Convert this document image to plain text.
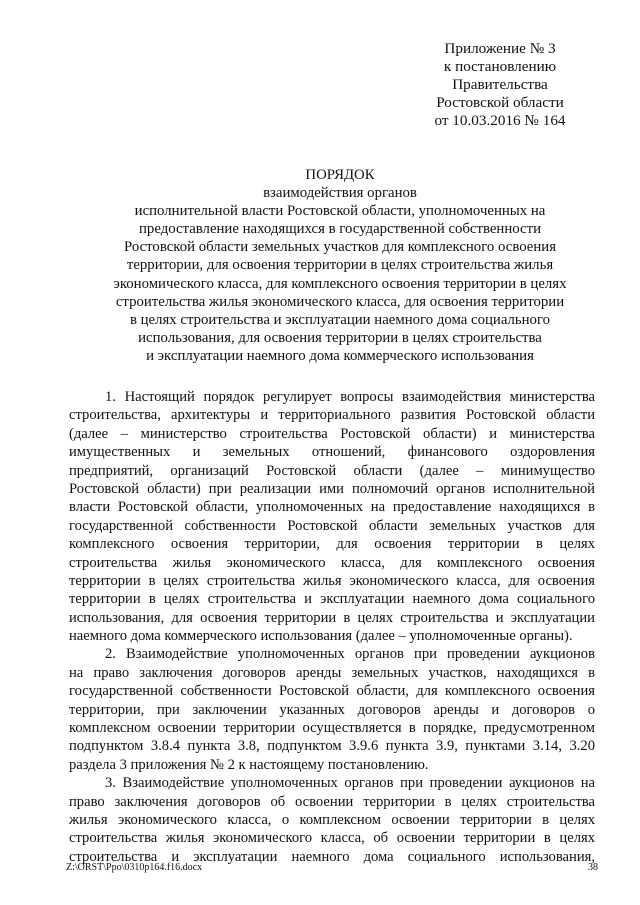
Приложение № 3
к постановлению
Правительства
Ростовской области
от 10.03.2016 № 164
ПОРЯДОК
взаимодействия органов
исполнительной власти Ростовской области, уполномоченных на
предоставление находящихся в государственной собственности
Ростовской области земельных участков для комплексного освоения
территории, для освоения территории в целях строительства жилья
экономического класса, для комплексного освоения территории в целях
строительства жилья экономического класса, для освоения территории
в целях строительства и эксплуатации наемного дома социального
использования, для освоения территории в целях строительства
и эксплуатации наемного дома коммерческого использования
1. Настоящий порядок регулирует вопросы взаимодействия министерства
строительства, архитектуры и территориального развития Ростовской области
(далее – министерство строительства Ростовской области) и министерства
имущественных и земельных отношений, финансового оздоровления
предприятий, организаций Ростовской области (далее – минимущество
Ростовской области) при реализации ими полномочий органов исполнительной
власти Ростовской области, уполномоченных на предоставление находящихся в
государственной собственности Ростовской области земельных участков для
комплексного освоения территории, для освоения территории в целях
строительства жилья экономического класса, для комплексного освоения
территории в целях строительства жилья экономического класса, для освоения
территории в целях строительства и эксплуатации наемного дома социального
использования, для освоения территории в целях строительства и эксплуатации
наемного дома коммерческого использования (далее – уполномоченные органы).
2. Взаимодействие уполномоченных органов при проведении аукционов
на право заключения договоров аренды земельных участков, находящихся в
государственной собственности Ростовской области, для комплексного освоения
территории, при заключении указанных договоров аренды и договоров о
комплексном освоении территории осуществляется в порядке, предусмотренном
подпунктом 3.8.4 пункта 3.8, подпунктом 3.9.6 пункта 3.9, пунктами 3.14, 3.20
раздела 3 приложения № 2 к настоящему постановлению.
3. Взаимодействие уполномоченных органов при проведении аукционов на
право заключения договоров об освоении территории в целях строительства
жилья экономического класса, о комплексном освоении территории в целях
строительства жилья экономического класса, об освоении территории в целях
строительства и эксплуатации наемного дома социального использования,
Z:\ORST\Ppo\0310p164.f16.docx	38
